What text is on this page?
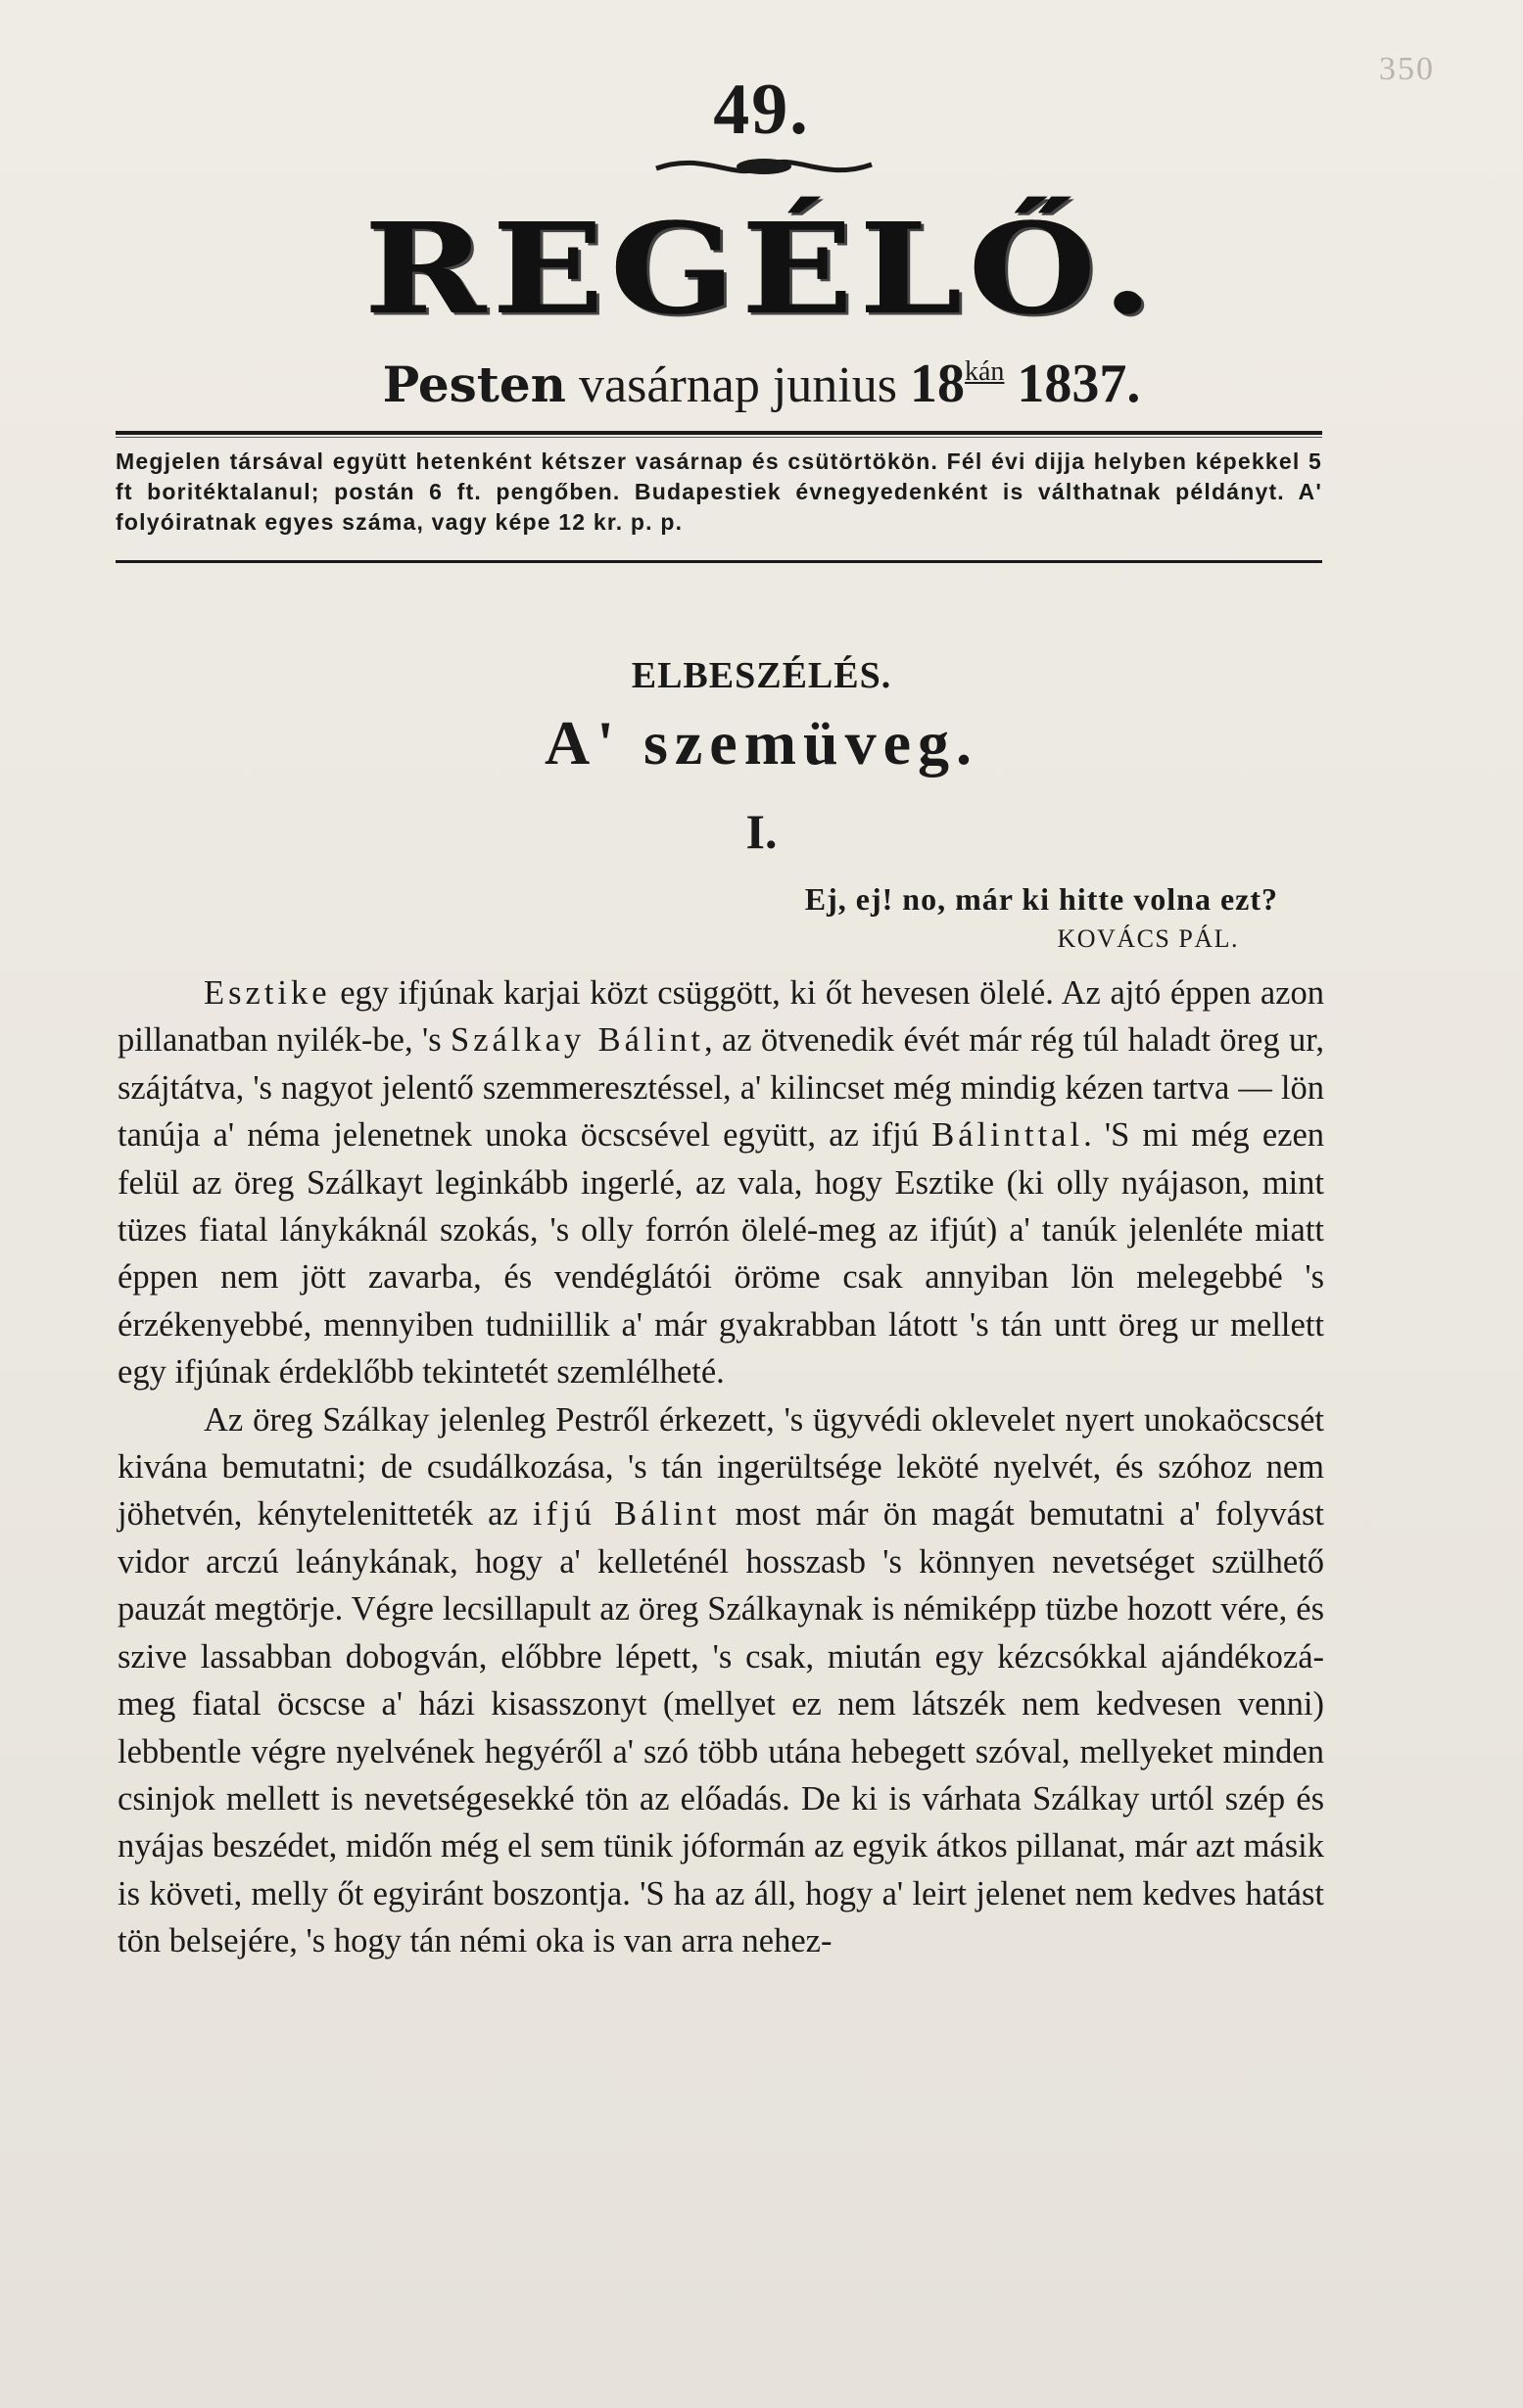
350
49.
REGÉLŐ.
Pesten vasárnap junius $18^{kán}$ 1837.
Megjelen társával együtt hetenként kétszer vasárnap és csütörtökön. Fél évi dijja helyben képekkel 5 ft boritéktalanul; postán 6 ft. pengőben. Budapestiek évnegyedenként is válthatnak példányt. A' folyóiratnak egyes száma, vagy képe 12 kr. p. p.
ELBESZÉLÉS.
A' szemüveg.
I.
Ej, ej! no, már ki hitte volna ezt?
KOVÁCS PÁL.

Esztike egy ifjúnak karjai közt csüggött, ki őt hevesen ölelé. Az ajtó éppen azon pillanatban nyilék-be, 's Szálkay Bálint, az ötvenedik évét már rég túl haladt öreg ur, szájtátva, 's nagyot jelentő szemmeresztéssel, a' kilincset még mindig kézen tartva — lön tanúja a' néma jelenetnek unoka öcscsével együtt, az ifjú Bálinttal. 'S mi még ezen felül az öreg Szálkayt leginkább ingerlé, az vala, hogy Esztike (ki olly nyájason, mint tüzes fiatal lánykáknál szokás, 's olly forrón ölelé-meg az ifjút) a' tanúk jelenléte miatt éppen nem jött zavarba, és vendéglátói öröme csak annyiban lön melegebbé 's érzékenyebbé, mennyiben tudniillik a' már gyakrabban látott 's tán untt öreg ur mellett egy ifjúnak érdeklőbb tekintetét szemlélheté.

Az öreg Szálkay jelenleg Pestről érkezett, 's ügyvédi oklevelet nyert unokaöcscsét kivána bemutatni; de csudálkozása, 's tán ingerültsége leköté nyelvét, és szóhoz nem jöhetvén, kénytelenitteték az ifjú Bálint most már ön magát bemutatni a' folyvást vidor arczú leánykának, hogy a' kelleténél hosszasb 's könnyen nevetséget szülhető pauzát megtörje. Végre lecsillapult az öreg Szálkaynak is némiképp tüzbe hozott vére, és szive lassabban dobogván, előbbre lépett, 's csak, miután egy kézcsókkal ajándékozá-meg fiatal öcscse a' házi kisasszonyt (mellyet ez nem látszék nem kedvesen venni) lebbentle végre nyelvének hegyéről a' szó több utána hebegett szóval, mellyeket minden csinjok mellett is nevetségesekké tön az előadás. De ki is várhata Szálkay urtól szép és nyájas beszédet, midőn még el sem tünik jóformán az egyik átkos pillanat, már azt másik is követi, melly őt egyiránt boszontja. 'S ha az áll, hogy a' leirt jelenet nem kedves hatást tön belsejére, 's hogy tán némi oka is van arra nehez-
